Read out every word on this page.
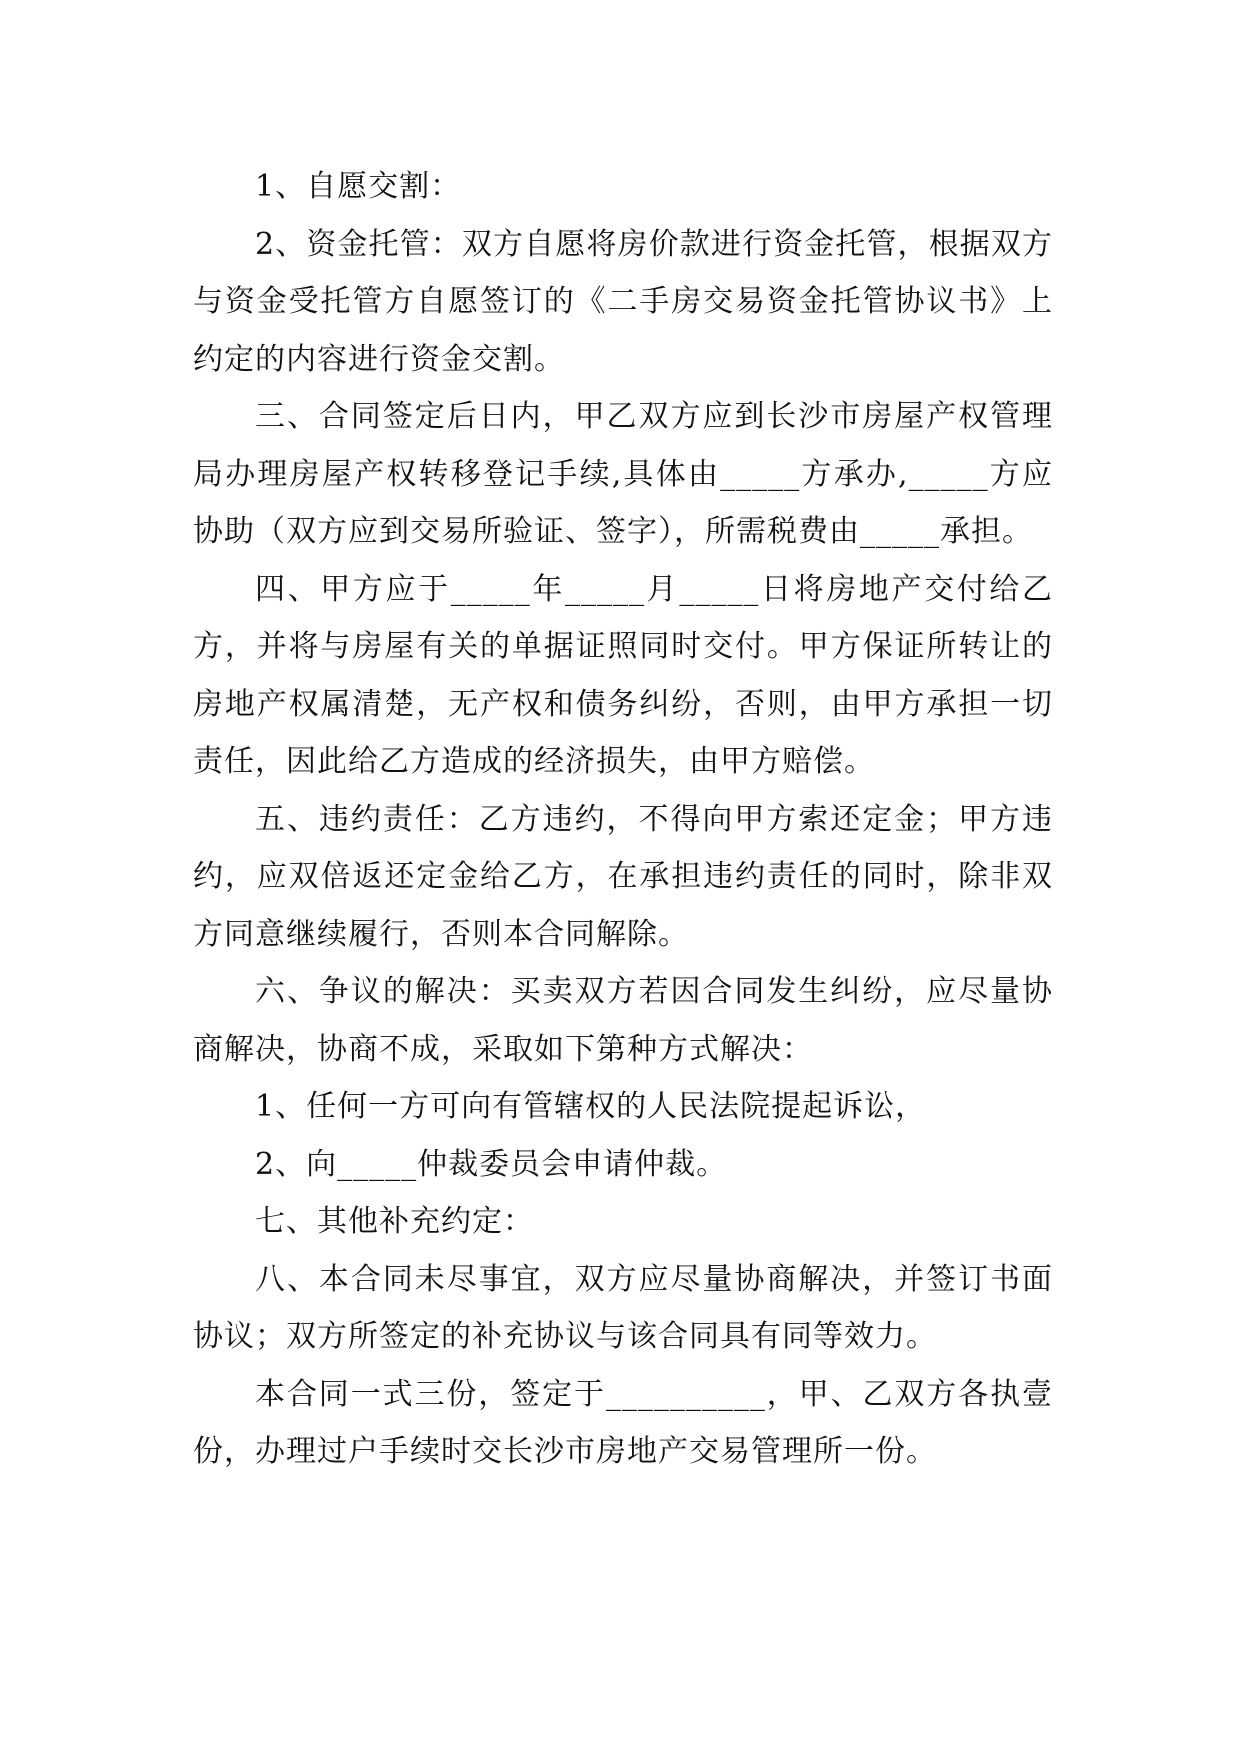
1、自愿交割：

2、资金托管：双方自愿将房价款进行资金托管，根据双方与资金受托管方自愿签订的《二手房交易资金托管协议书》上约定的内容进行资金交割。

三、合同签定后日内，甲乙双方应到长沙市房屋产权管理局办理房屋产权转移登记手续,具体由_____方承办,_____方应协助（双方应到交易所验证、签字），所需税费由_____承担。

四、甲方应于_____年_____月_____日将房地产交付给乙方，并将与房屋有关的单据证照同时交付。甲方保证所转让的房地产权属清楚，无产权和债务纠纷，否则，由甲方承担一切责任，因此给乙方造成的经济损失，由甲方赔偿。

五、违约责任：乙方违约，不得向甲方索还定金；甲方违约，应双倍返还定金给乙方，在承担违约责任的同时，除非双方同意继续履行，否则本合同解除。

六、争议的解决：买卖双方若因合同发生纠纷，应尽量协商解决，协商不成，采取如下第种方式解决：

1、任何一方可向有管辖权的人民法院提起诉讼，

2、向_____仲裁委员会申请仲裁。

七、其他补充约定：

八、本合同未尽事宜，双方应尽量协商解决，并签订书面协议；双方所签定的补充协议与该合同具有同等效力。

本合同一式三份，签定于__________，甲、乙双方各执壹份，办理过户手续时交长沙市房地产交易管理所一份。
